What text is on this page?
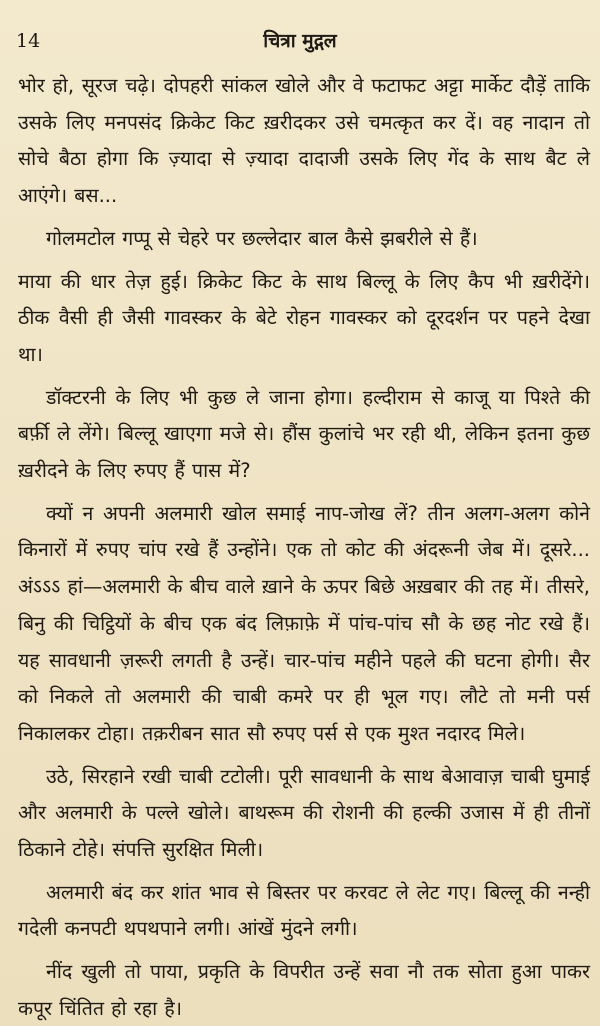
14	चित्रा मुद्गल

भोर हो, सूरज चढ़े। दोपहरी सांकल खोले और वे फटाफट अट्टा मार्केट दौड़ें ताकि उसके लिए मनपसंद क्रिकेट किट ख़रीदकर उसे चमत्कृत कर दें। वह नादान तो सोचे बैठा होगा कि ज़्यादा से ज़्यादा दादाजी उसके लिए गेंद के साथ बैट ले आएंगे। बस...

गोलमटोल गप्पू से चेहरे पर छल्लेदार बाल कैसे झबरीले से हैं।

माया की धार तेज़ हुई। क्रिकेट किट के साथ बिल्लू के लिए कैप भी ख़रीदेंगे। ठीक वैसी ही जैसी गावस्कर के बेटे रोहन गावस्कर को दूरदर्शन पर पहने देखा था।

डॉक्टरनी के लिए भी कुछ ले जाना होगा। हल्दीराम से काजू या पिश्ते की बर्फ़ी ले लेंगे। बिल्लू खाएगा मजे से। हौंस कुलांचे भर रही थी, लेकिन इतना कुछ ख़रीदने के लिए रुपए हैं पास में?

क्यों न अपनी अलमारी खोल समाई नाप-जोख लें? तीन अलग-अलग कोने किनारों में रुपए चांप रखे हैं उन्होंने। एक तो कोट की अंदरूनी जेब में। दूसरे... अंऽऽऽ हां—अलमारी के बीच वाले ख़ाने के ऊपर बिछे अख़बार की तह में। तीसरे, बिनु की चिट्ठियों के बीच एक बंद लिफ़ाफ़े में पांच-पांच सौ के छह नोट रखे हैं। यह सावधानी ज़रूरी लगती है उन्हें। चार-पांच महीने पहले की घटना होगी। सैर को निकले तो अलमारी की चाबी कमरे पर ही भूल गए। लौटे तो मनी पर्स निकालकर टोहा। तक़रीबन सात सौ रुपए पर्स से एक मुश्त नदारद मिले।

उठे, सिरहाने रखी चाबी टटोली। पूरी सावधानी के साथ बेआवाज़ चाबी घुमाई और अलमारी के पल्ले खोले। बाथरूम की रोशनी की हल्की उजास में ही तीनों ठिकाने टोहे। संपत्ति सुरक्षित मिली।

अलमारी बंद कर शांत भाव से बिस्तर पर करवट ले लेट गए। बिल्लू की नन्ही गदेली कनपटी थपथपाने लगी। आंखें मुंदने लगी।

नींद खुली तो पाया, प्रकृति के विपरीत उन्हें सवा नौ तक सोता हुआ पाकर कपूर चिंतित हो रहा है।
